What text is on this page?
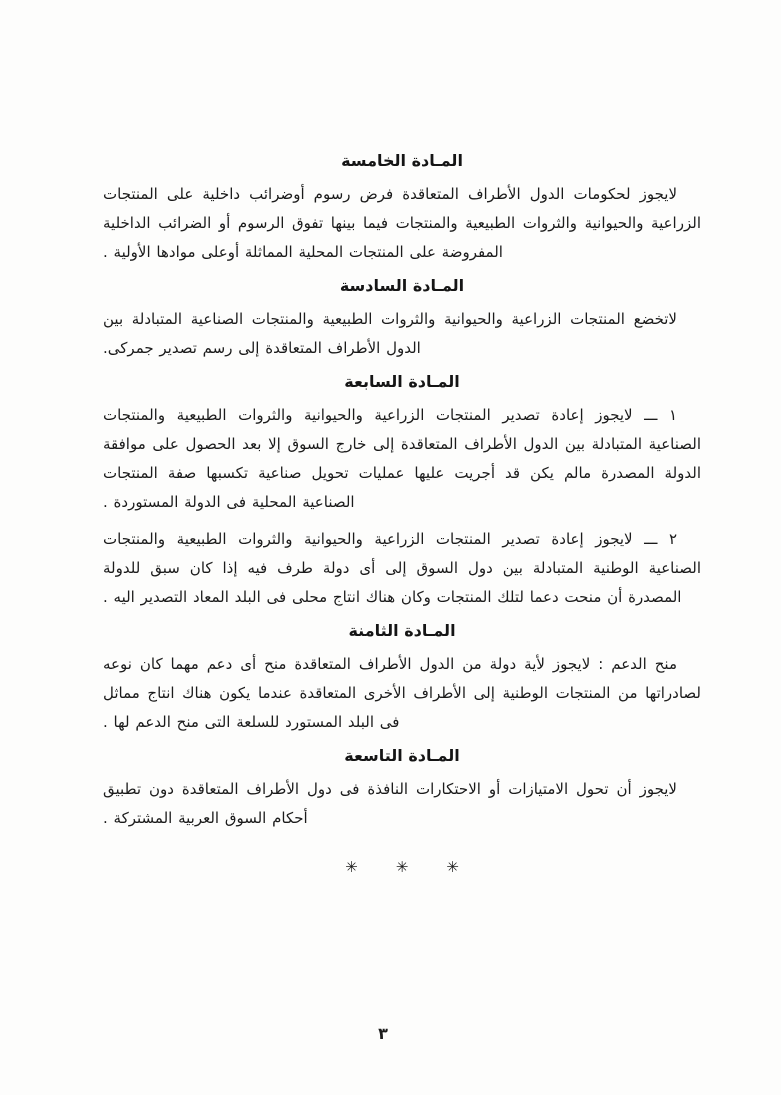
المـادة الخامسة

لايجوز لحكومات الدول الأطراف المتعاقدة فرض رسوم أوضرائب داخلية على المنتجات الزراعية والحيوانية والثروات الطبيعية والمنتجات فيما بينها تفوق الرسوم أو الضرائب الداخلية المفروضة على المنتجات المحلية المماثلة أوعلى موادها الأولية .

المـادة السادسة

لاتخضع المنتجات الزراعية والحيوانية والثروات الطبيعية والمنتجات الصناعية المتبادلة بين الدول الأطراف المتعاقدة إلى رسم تصدير جمركى.

المـادة السابعة

١ ـــ لايجوز إعادة تصدير المنتجات الزراعية والحيوانية والثروات الطبيعية والمنتجات الصناعية المتبادلة بين الدول الأطراف المتعاقدة إلى خارج السوق إلا بعد الحصول على موافقة الدولة المصدرة مالم يكن قد أجريت عليها عمليات تحويل صناعية تكسبها صفة المنتجات الصناعية المحلية فى الدولة المستوردة .

٢ ـــ لايجوز إعادة تصدير المنتجات الزراعية والحيوانية والثروات الطبيعية والمنتجات الصناعية الوطنية المتبادلة بين دول السوق إلى أى دولة طرف فيه إذا كان سبق للدولة المصدرة أن منحت دعما لتلك المنتجات وكان هناك انتاج محلى فى البلد المعاد التصدير اليه .

المـادة الثامنة

منح الدعم : لايجوز لأية دولة من الدول الأطراف المتعاقدة منح أى دعم مهما كان نوعه لصادراتها من المنتجات الوطنية إلى الأطراف الأخرى المتعاقدة عندما يكون هناك انتاج مماثل فى البلد المستورد للسلعة التى منح الدعم لها .

المـادة التاسعة

لايجوز أن تحول الامتيازات أو الاحتكارات النافذة فى دول الأطراف المتعاقدة دون تطبيق أحكام السوق العربية المشتركة .

✳	✳	✳
٣
